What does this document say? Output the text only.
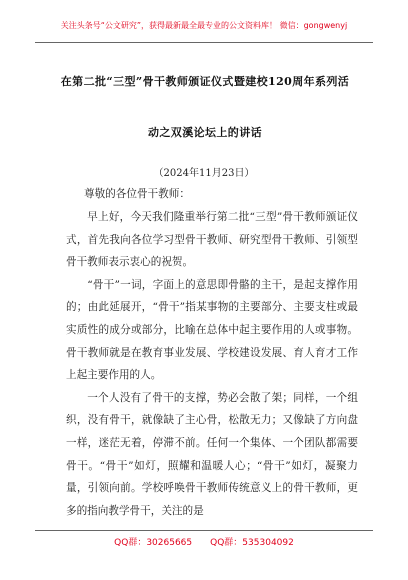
关注头条号“公文研究”，获得最新最全最专业的公文资料库！ 微信：gongwenyj
在第二批“三型”骨干教师颁证仪式暨建校120周年系列活
动之双溪论坛上的讲话
（2024年11月23日）
尊敬的各位骨干教师：

早上好，今天我们隆重举行第二批“三型”骨干教师颁证仪式，首先我向各位学习型骨干教师、研究型骨干教师、引领型骨干教师表示衷心的祝贺。

“骨干”一词，字面上的意思即骨骼的主干，是起支撑作用的；由此延展开，“骨干”指某事物的主要部分、主要支柱或最实质性的成分或部分，比喻在总体中起主要作用的人或事物。骨干教师就是在教育事业发展、学校建设发展、育人育才工作上起主要作用的人。

一个人没有了骨干的支撑，势必会散了架；同样，一个组织，没有骨干，就像缺了主心骨，松散无力；又像缺了方向盘一样，迷茫无着，停滞不前。任何一个集体、一个团队都需要骨干。“骨干”如灯，照耀和温暖人心；“骨干”如灯，凝聚力量，引领向前。学校呼唤骨干教师传统意义上的骨干教师，更多的指向教学骨干，关注的是

QQ群：30265665 QQ群：535304092
